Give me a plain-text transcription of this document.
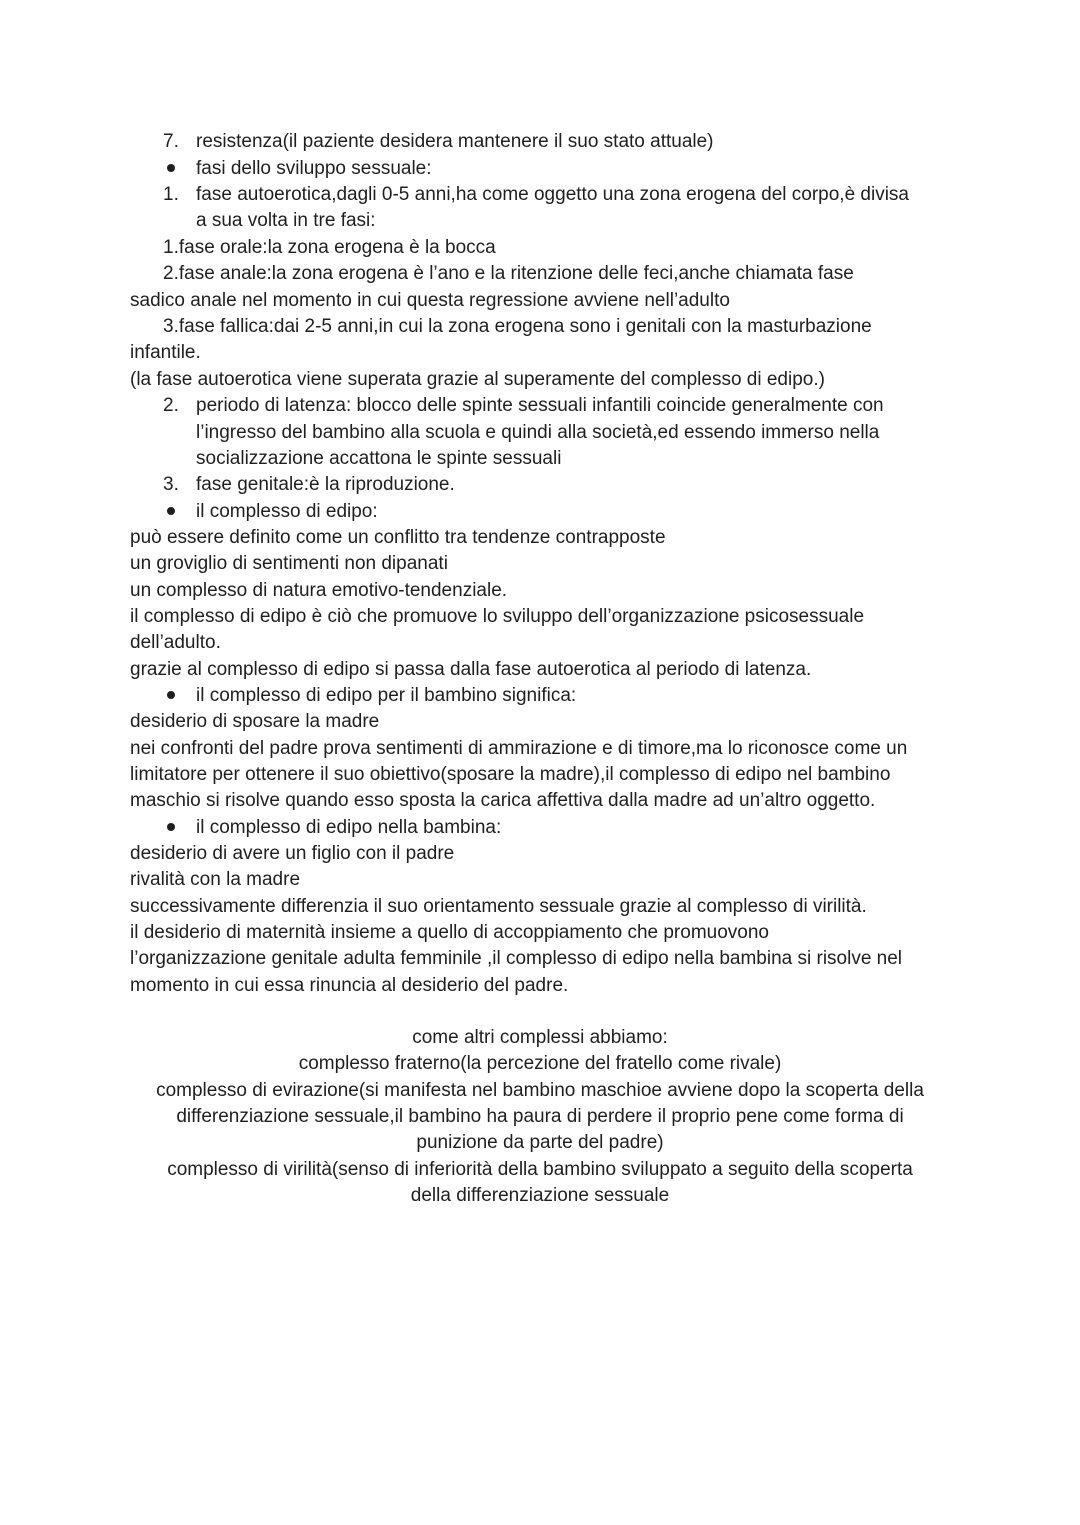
7. resistenza(il paziente desidera mantenere il suo stato attuale)
fasi dello sviluppo sessuale:
1. fase autoerotica,dagli 0-5 anni,ha come oggetto una zona erogena del corpo,è divisa
a sua volta in tre fasi:
1.fase orale:la zona erogena è la bocca
2.fase anale:la zona erogena è l’ano e la ritenzione delle feci,anche chiamata fase
sadico anale nel momento in cui questa regressione avviene nell’adulto
3.fase fallica:dai 2-5 anni,in cui la zona erogena sono i genitali con la masturbazione
infantile.
(la fase autoerotica viene superata grazie al superamente del complesso di edipo.)
2. periodo di latenza: blocco delle spinte sessuali infantili coincide generalmente con
l’ingresso del bambino alla scuola e quindi alla società,ed essendo immerso nella
socializzazione accattona le spinte sessuali
3. fase genitale:è la riproduzione.
il complesso di edipo:
può essere definito come un conflitto tra tendenze contrapposte
un groviglio di sentimenti non dipanati
un complesso di natura emotivo-tendenziale.
il complesso di edipo è ciò che promuove lo sviluppo dell’organizzazione psicosessuale
dell’adulto.
grazie al complesso di edipo si passa dalla fase autoerotica al periodo di latenza.
il complesso di edipo per il bambino significa:
desiderio di sposare la madre
nei confronti del padre prova sentimenti di ammirazione e di timore,ma lo riconosce come un
limitatore per ottenere il suo obiettivo(sposare la madre),il complesso di edipo nel bambino
maschio si risolve quando esso sposta la carica affettiva dalla madre ad un’altro oggetto.
il complesso di edipo nella bambina:
desiderio di avere un figlio con il padre
rivalità con la madre
successivamente differenzia il suo orientamento sessuale grazie al complesso di virilità.
il desiderio di maternità insieme a quello di accoppiamento che promuovono
l’organizzazione genitale adulta femminile ,il complesso di edipo nella bambina si risolve nel
momento in cui essa rinuncia al desiderio del padre.
come altri complessi abbiamo:
complesso fraterno(la percezione del fratello come rivale)
complesso di evirazione(si manifesta nel bambino maschioe avviene dopo la scoperta della
differenziazione sessuale,il bambino ha paura di perdere il proprio pene come forma di
punizione da parte del padre)
complesso di virilità(senso di inferiorità della bambino sviluppato a seguito della scoperta
della differenziazione sessuale
